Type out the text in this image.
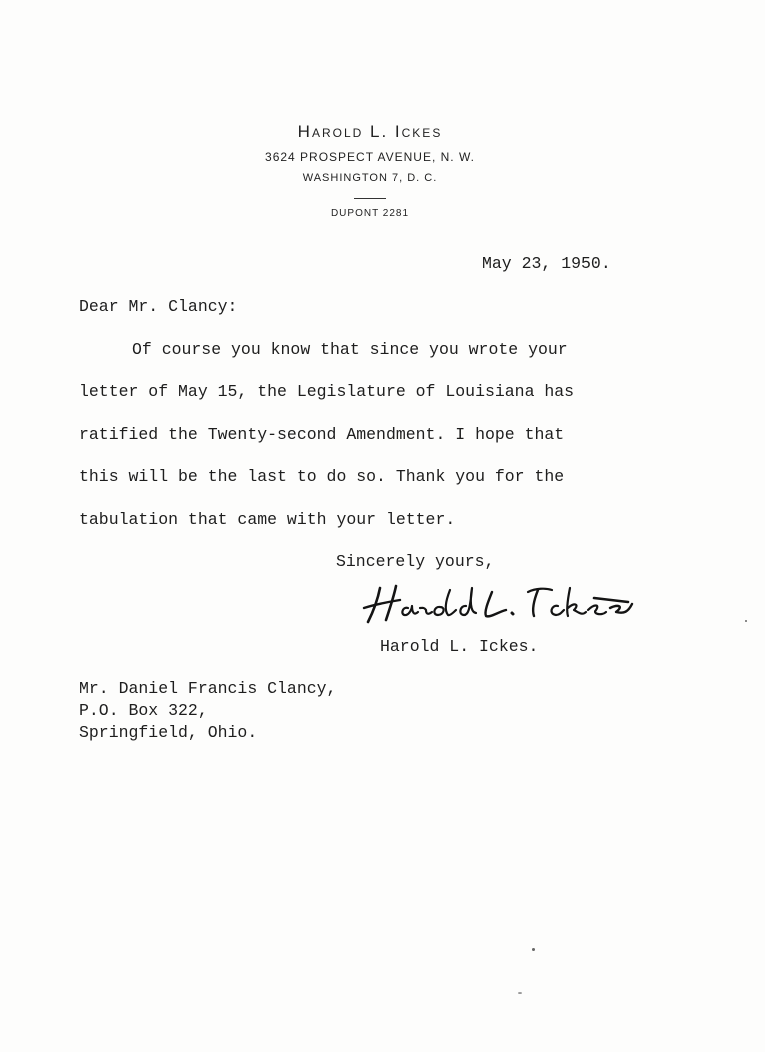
Harold L. Ickes
3624 PROSPECT AVENUE, N. W.
WASHINGTON 7, D. C.
DUPONT 2281
May 23, 1950.
Dear Mr. Clancy:
Of course you know that since you wrote your
letter of May 15, the Legislature of Louisiana has
ratified the Twenty-second Amendment. I hope that
this will be the last to do so. Thank you for the
tabulation that came with your letter.
Sincerely yours,
Harold L. Ickes.
Mr. Daniel Francis Clancy,
P.O. Box 322,
Springfield, Ohio.
